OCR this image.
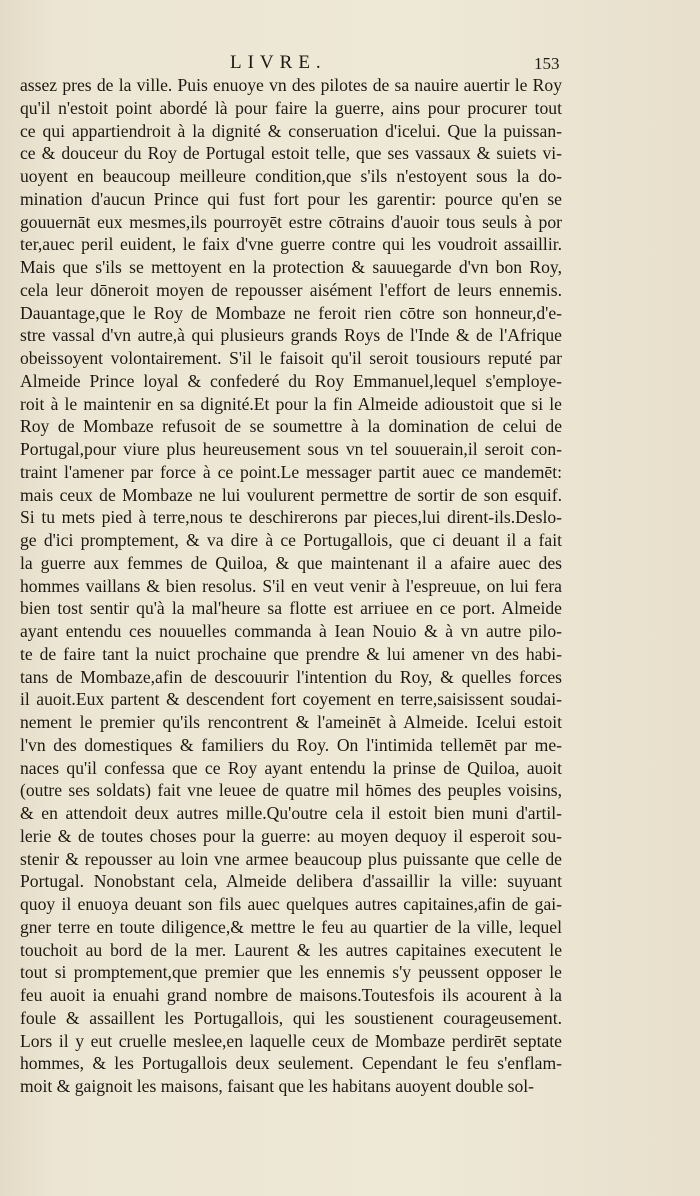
LIVRE.	153
assez pres de la ville. Puis enuoye vn des pilotes de sa nauire auertir le Roy
qu'il n'estoit point abordé là pour faire la guerre, ains pour procurer tout
ce qui appartiendroit à la dignité & conseruation d'icelui. Que la puissan-
ce & douceur du Roy de Portugal estoit telle, que ses vassaux & suiets vi-
uoyent en beaucoup meilleure condition,que s'ils n'estoyent sous la do-
mination d'aucun Prince qui fust fort pour les garentir: pource qu'en se
gouuernāt eux mesmes,ils pourroyēt estre cōtrains d'auoir tous seuls à por
ter,auec peril euident, le faix d'vne guerre contre qui les voudroit assaillir.
Mais que s'ils se mettoyent en la protection & sauuegarde d'vn bon Roy,
cela leur dōneroit moyen de repousser aisément l'effort de leurs ennemis.
Dauantage,que le Roy de Mombaze ne feroit rien cōtre son honneur,d'e-
stre vassal d'vn autre,à qui plusieurs grands Roys de l'Inde & de l'Afrique
obeissoyent volontairement. S'il le faisoit qu'il seroit tousiours reputé par
Almeide Prince loyal & confederé du Roy Emmanuel,lequel s'employe-
roit à le maintenir en sa dignité.Et pour la fin Almeide adioustoit que si le
Roy de Mombaze refusoit de se soumettre à la domination de celui de
Portugal,pour viure plus heureusement sous vn tel souuerain,il seroit con-
traint l'amener par force à ce point.Le messager partit auec ce mandemēt:
mais ceux de Mombaze ne lui voulurent permettre de sortir de son esquif.
Si tu mets pied à terre,nous te deschirerons par pieces,lui dirent-ils.Deslo-
ge d'ici promptement, & va dire à ce Portugallois, que ci deuant il a fait
la guerre aux femmes de Quiloa, & que maintenant il a afaire auec des
hommes vaillans & bien resolus. S'il en veut venir à l'espreuue, on lui fera
bien tost sentir qu'à la mal'heure sa flotte est arriuee en ce port. Almeide
ayant entendu ces nouuelles commanda à Iean Nouio & à vn autre pilo-
te de faire tant la nuict prochaine que prendre & lui amener vn des habi-
tans de Mombaze,afin de descouurir l'intention du Roy, & quelles forces
il auoit.Eux partent & descendent fort coyement en terre,saisissent soudai-
nement le premier qu'ils rencontrent & l'ameinēt à Almeide. Icelui estoit
l'vn des domestiques & familiers du Roy. On l'intimida tellemēt par me-
naces qu'il confessa que ce Roy ayant entendu la prinse de Quiloa, auoit
(outre ses soldats) fait vne leuee de quatre mil hōmes des peuples voisins,
& en attendoit deux autres mille.Qu'outre cela il estoit bien muni d'artil-
lerie & de toutes choses pour la guerre: au moyen dequoy il esperoit sou-
stenir & repousser au loin vne armee beaucoup plus puissante que celle de
Portugal. Nonobstant cela, Almeide delibera d'assaillir la ville: suyuant
quoy il enuoya deuant son fils auec quelques autres capitaines,afin de gai-
gner terre en toute diligence,& mettre le feu au quartier de la ville, lequel
touchoit au bord de la mer. Laurent & les autres capitaines executent le
tout si promptement,que premier que les ennemis s'y peussent opposer le
feu auoit ia enuahi grand nombre de maisons.Toutesfois ils acourent à la
foule & assaillent les Portugallois, qui les soustienent courageusement.
Lors il y eut cruelle meslee,en laquelle ceux de Mombaze perdirēt septate
hommes, & les Portugallois deux seulement. Cependant le feu s'enflam-
moit & gaignoit les maisons, faisant que les habitans auoyent double sol-
